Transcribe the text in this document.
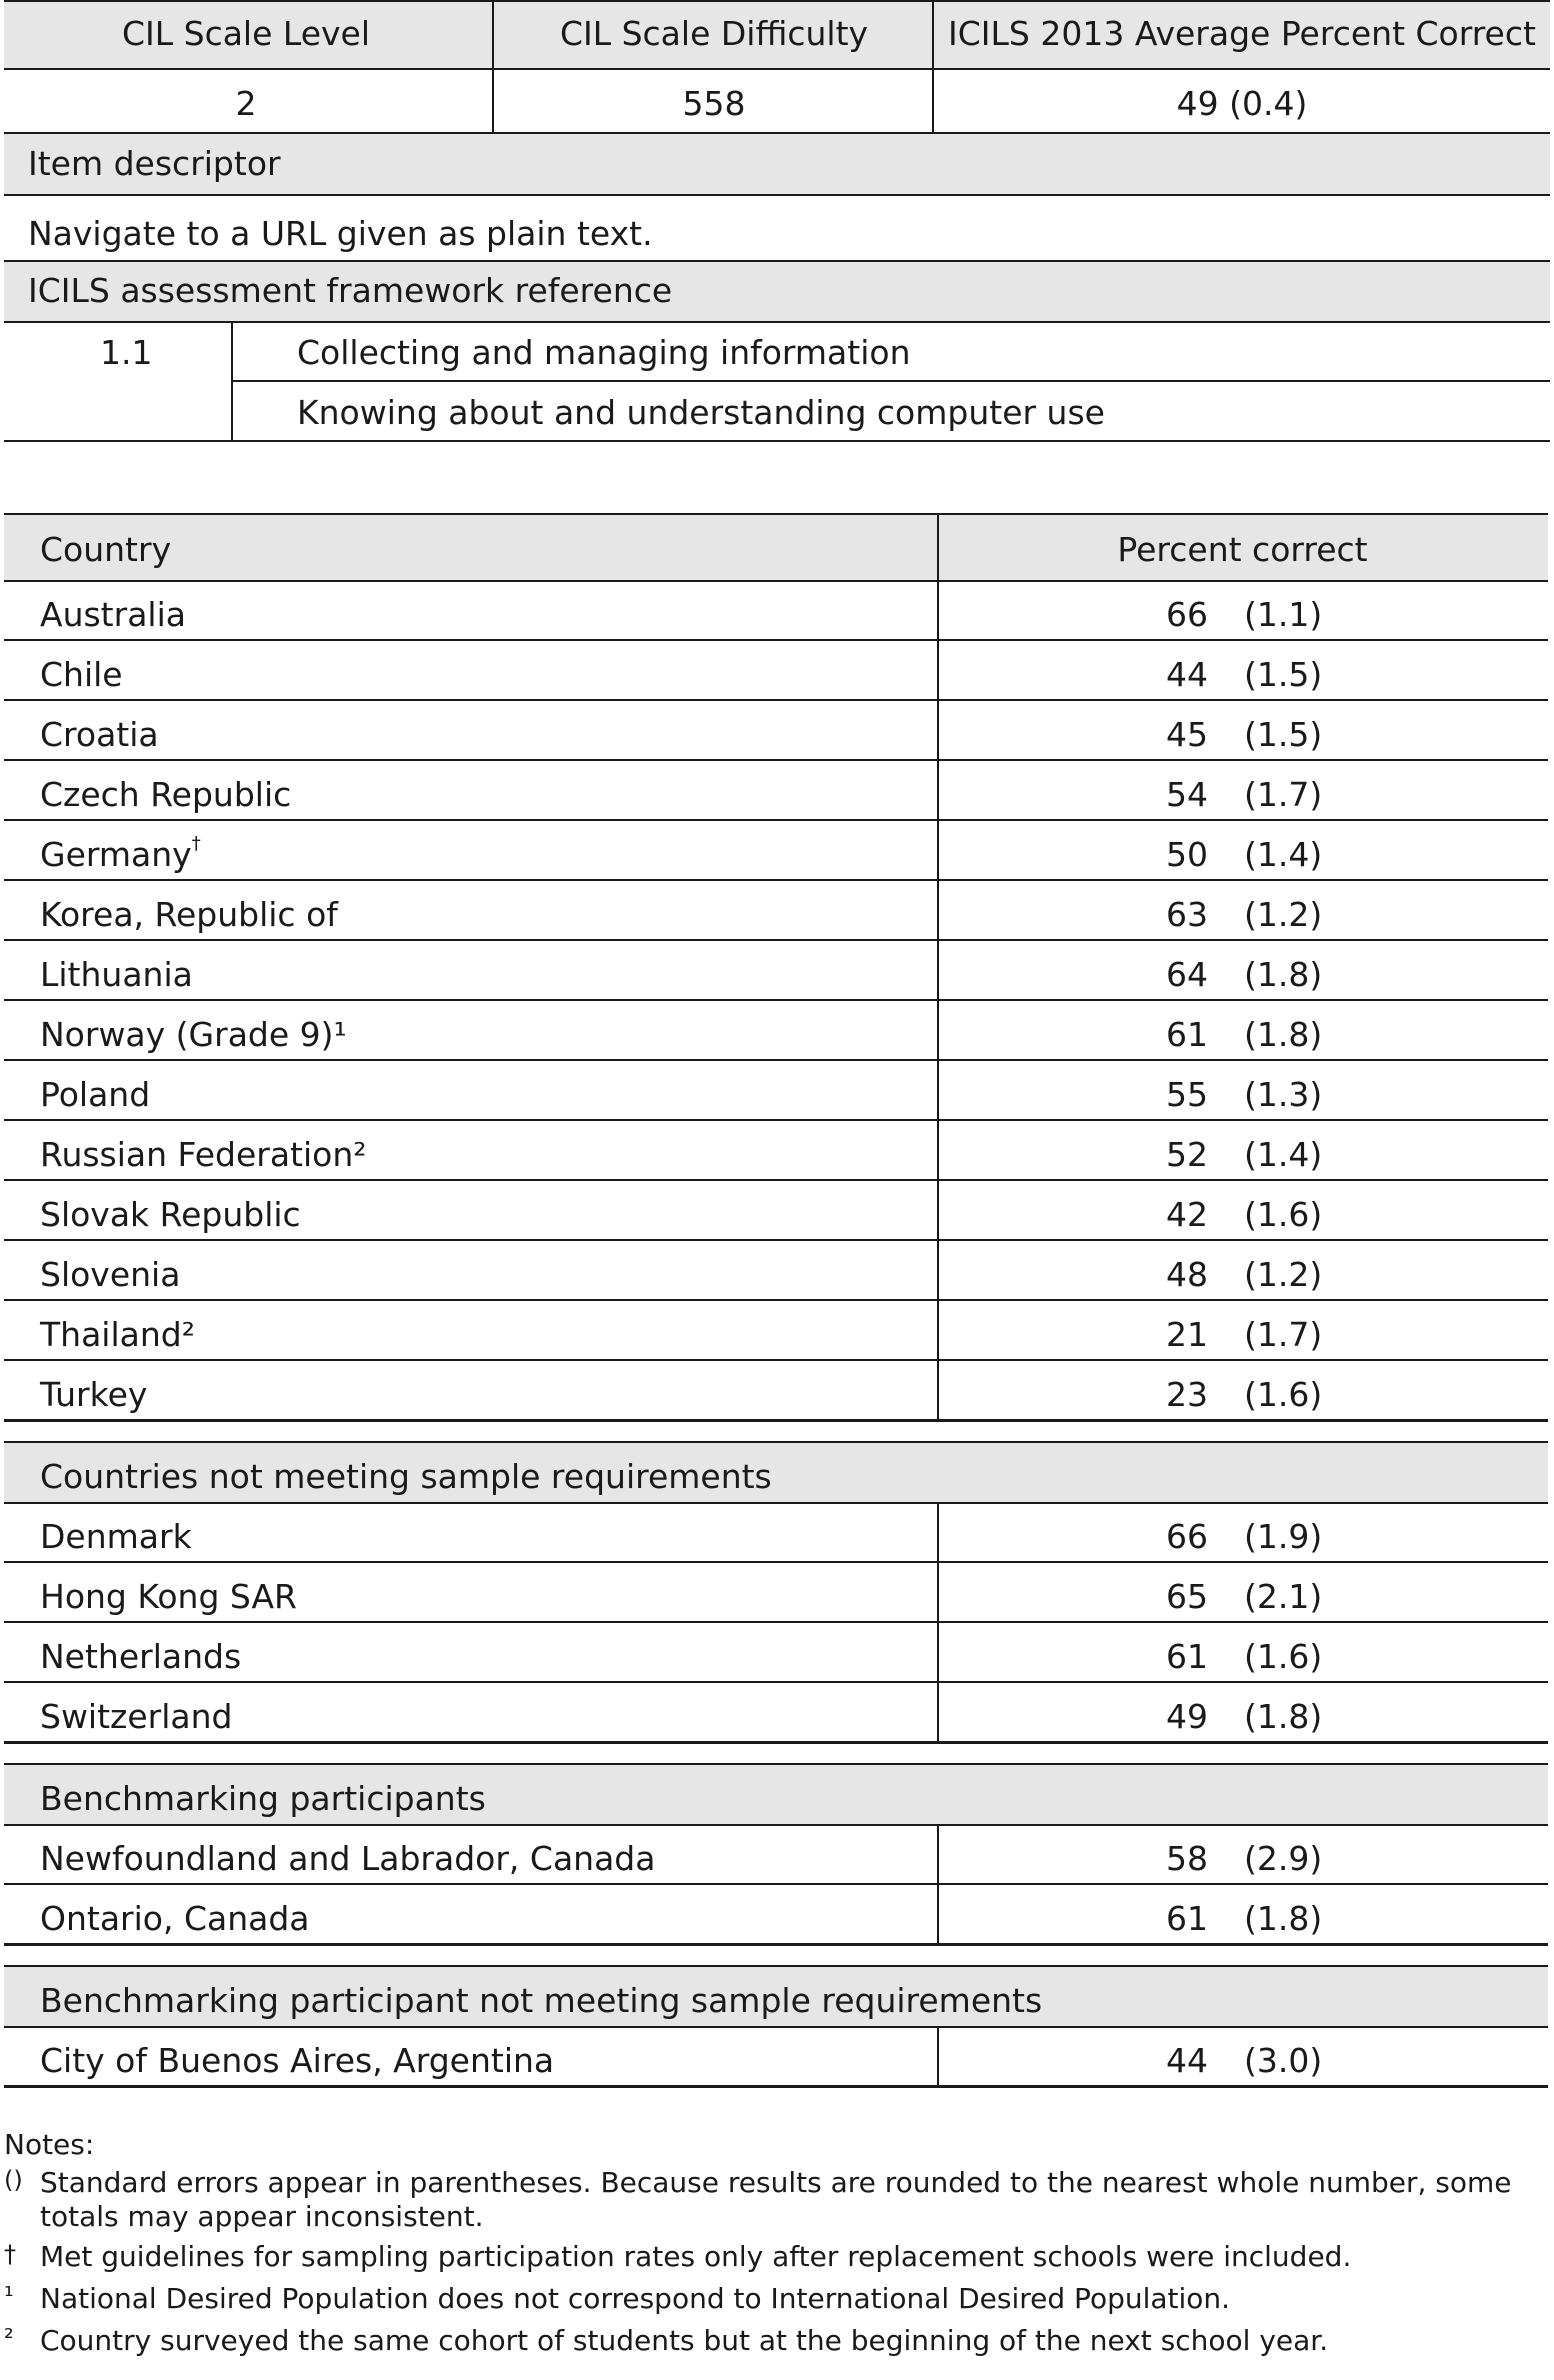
CIL Scale Level	CIL Scale Difficulty	ICILS 2013 Average Percent Correct
2	558	49 (0.4)
Item descriptor
Navigate to a URL given as plain text.
ICILS assessment framework reference
1.1	Collecting and managing information
Knowing about and understanding computer use
Country	Percent correct
Australia	66 (1.1)
Chile	44 (1.5)
Croatia	45 (1.5)
Czech Republic	54 (1.7)
Germany†	50 (1.4)
Korea, Republic of	63 (1.2)
Lithuania	64 (1.8)
Norway (Grade 9)¹	61 (1.8)
Poland	55 (1.3)
Russian Federation²	52 (1.4)
Slovak Republic	42 (1.6)
Slovenia	48 (1.2)
Thailand²	21 (1.7)
Turkey	23 (1.6)
Countries not meeting sample requirements
Denmark	66 (1.9)
Hong Kong SAR	65 (2.1)
Netherlands	61 (1.6)
Switzerland	49 (1.8)
Benchmarking participants
Newfoundland and Labrador, Canada	58 (2.9)
Ontario, Canada	61 (1.8)
Benchmarking participant not meeting sample requirements
City of Buenos Aires, Argentina	44 (3.0)
Notes:
() Standard errors appear in parentheses. Because results are rounded to the nearest whole number, some totals may appear inconsistent.
† Met guidelines for sampling participation rates only after replacement schools were included.
¹ National Desired Population does not correspond to International Desired Population.
² Country surveyed the same cohort of students but at the beginning of the next school year.
